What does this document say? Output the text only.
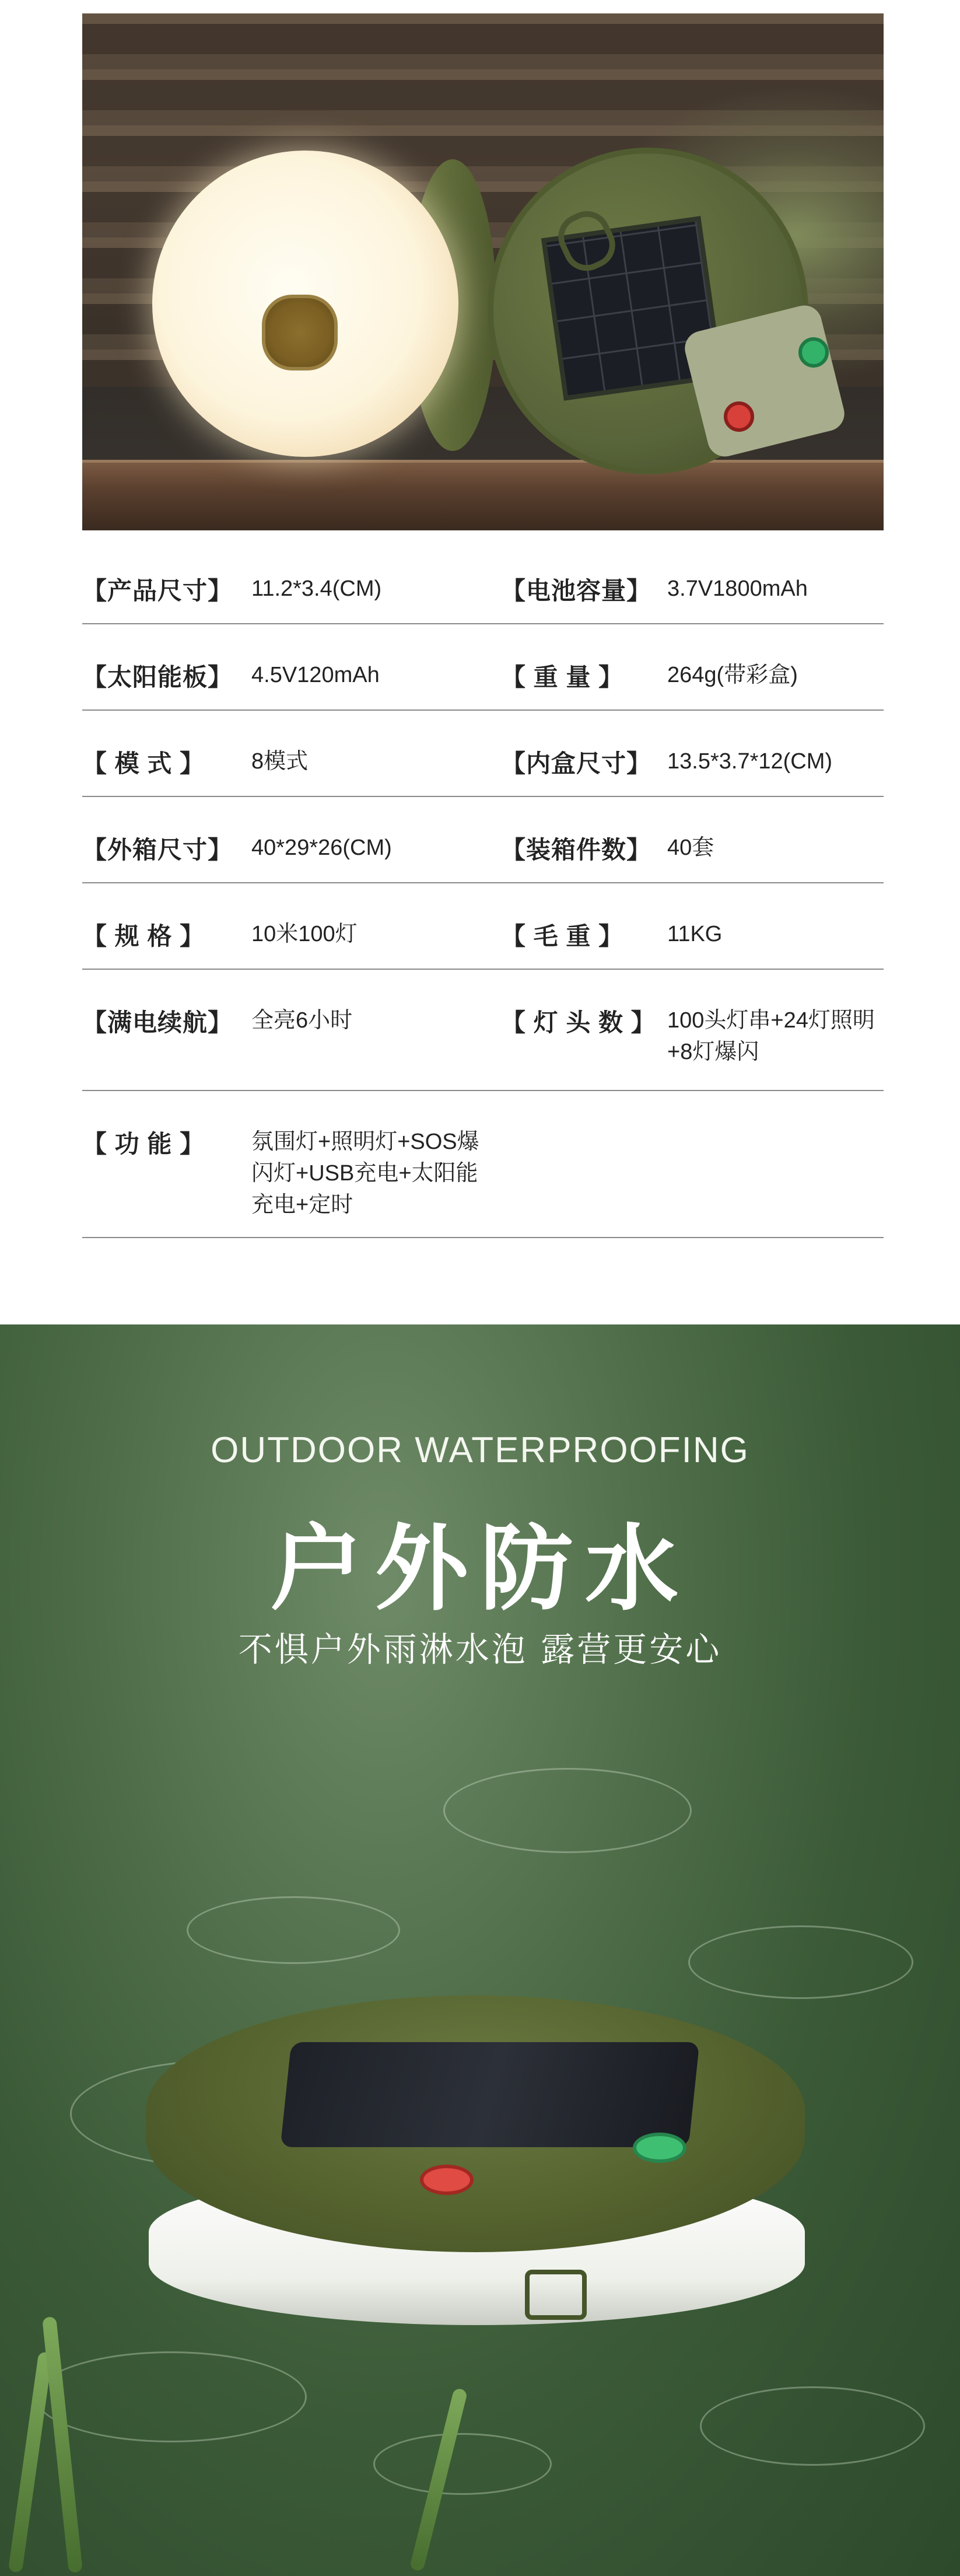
【产品尺寸】 11.2*3.4(CM)	【电池容量】 3.7V1800mAh
【太阳能板】 4.5V120mAh	【 重 量 】 264g(带彩盒)
【 模 式 】 8模式	【内盒尺寸】 13.5*3.7*12(CM)
【外箱尺寸】 40*29*26(CM)	【装箱件数】 40套
【 规 格 】 10米100灯	【 毛 重 】 11KG
【满电续航】 全亮6小时	【 灯 头 数 】 100头灯串+24灯照明+8灯爆闪
【 功 能 】 氛围灯+照明灯+SOS爆闪灯+USB充电+太阳能充电+定时
OUTDOOR WATERPROOFING
户外防水
不惧户外雨淋水泡 露营更安心
